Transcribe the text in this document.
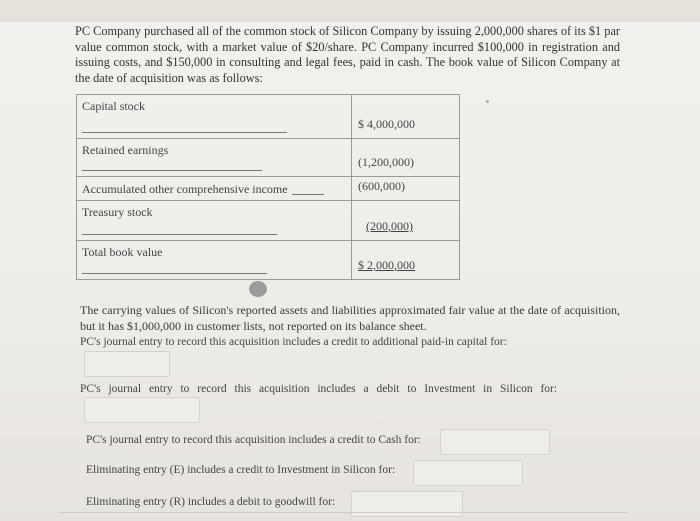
PC Company purchased all of the common stock of Silicon Company by issuing 2,000,000 shares of its $1 par value common stock, with a market value of $20/share. PC Company incurred $100,000 in registration and issuing costs, and $150,000 in consulting and legal fees, paid in cash. The book value of Silicon Company at the date of acquisition was as follows:
Capital stock	$ 4,000,000

Retained earnings	(1,200,000)

Accumulated other comprehensive income	(600,000)

Treasury stock	(200,000)

Total book value	$ 2,000,000
The carrying values of Silicon's reported assets and liabilities approximated fair value at the date of acquisition, but it has $1,000,000 in customer lists, not reported on its balance sheet.
PC's journal entry to record this acquisition includes a credit to additional paid-in capital for:
PC's journal entry to record this acquisition includes a debit to Investment in Silicon for:
PC's journal entry to record this acquisition includes a credit to Cash for:
Eliminating entry (E) includes a credit to Investment in Silicon for:
Eliminating entry (R) includes a debit to goodwill for:
